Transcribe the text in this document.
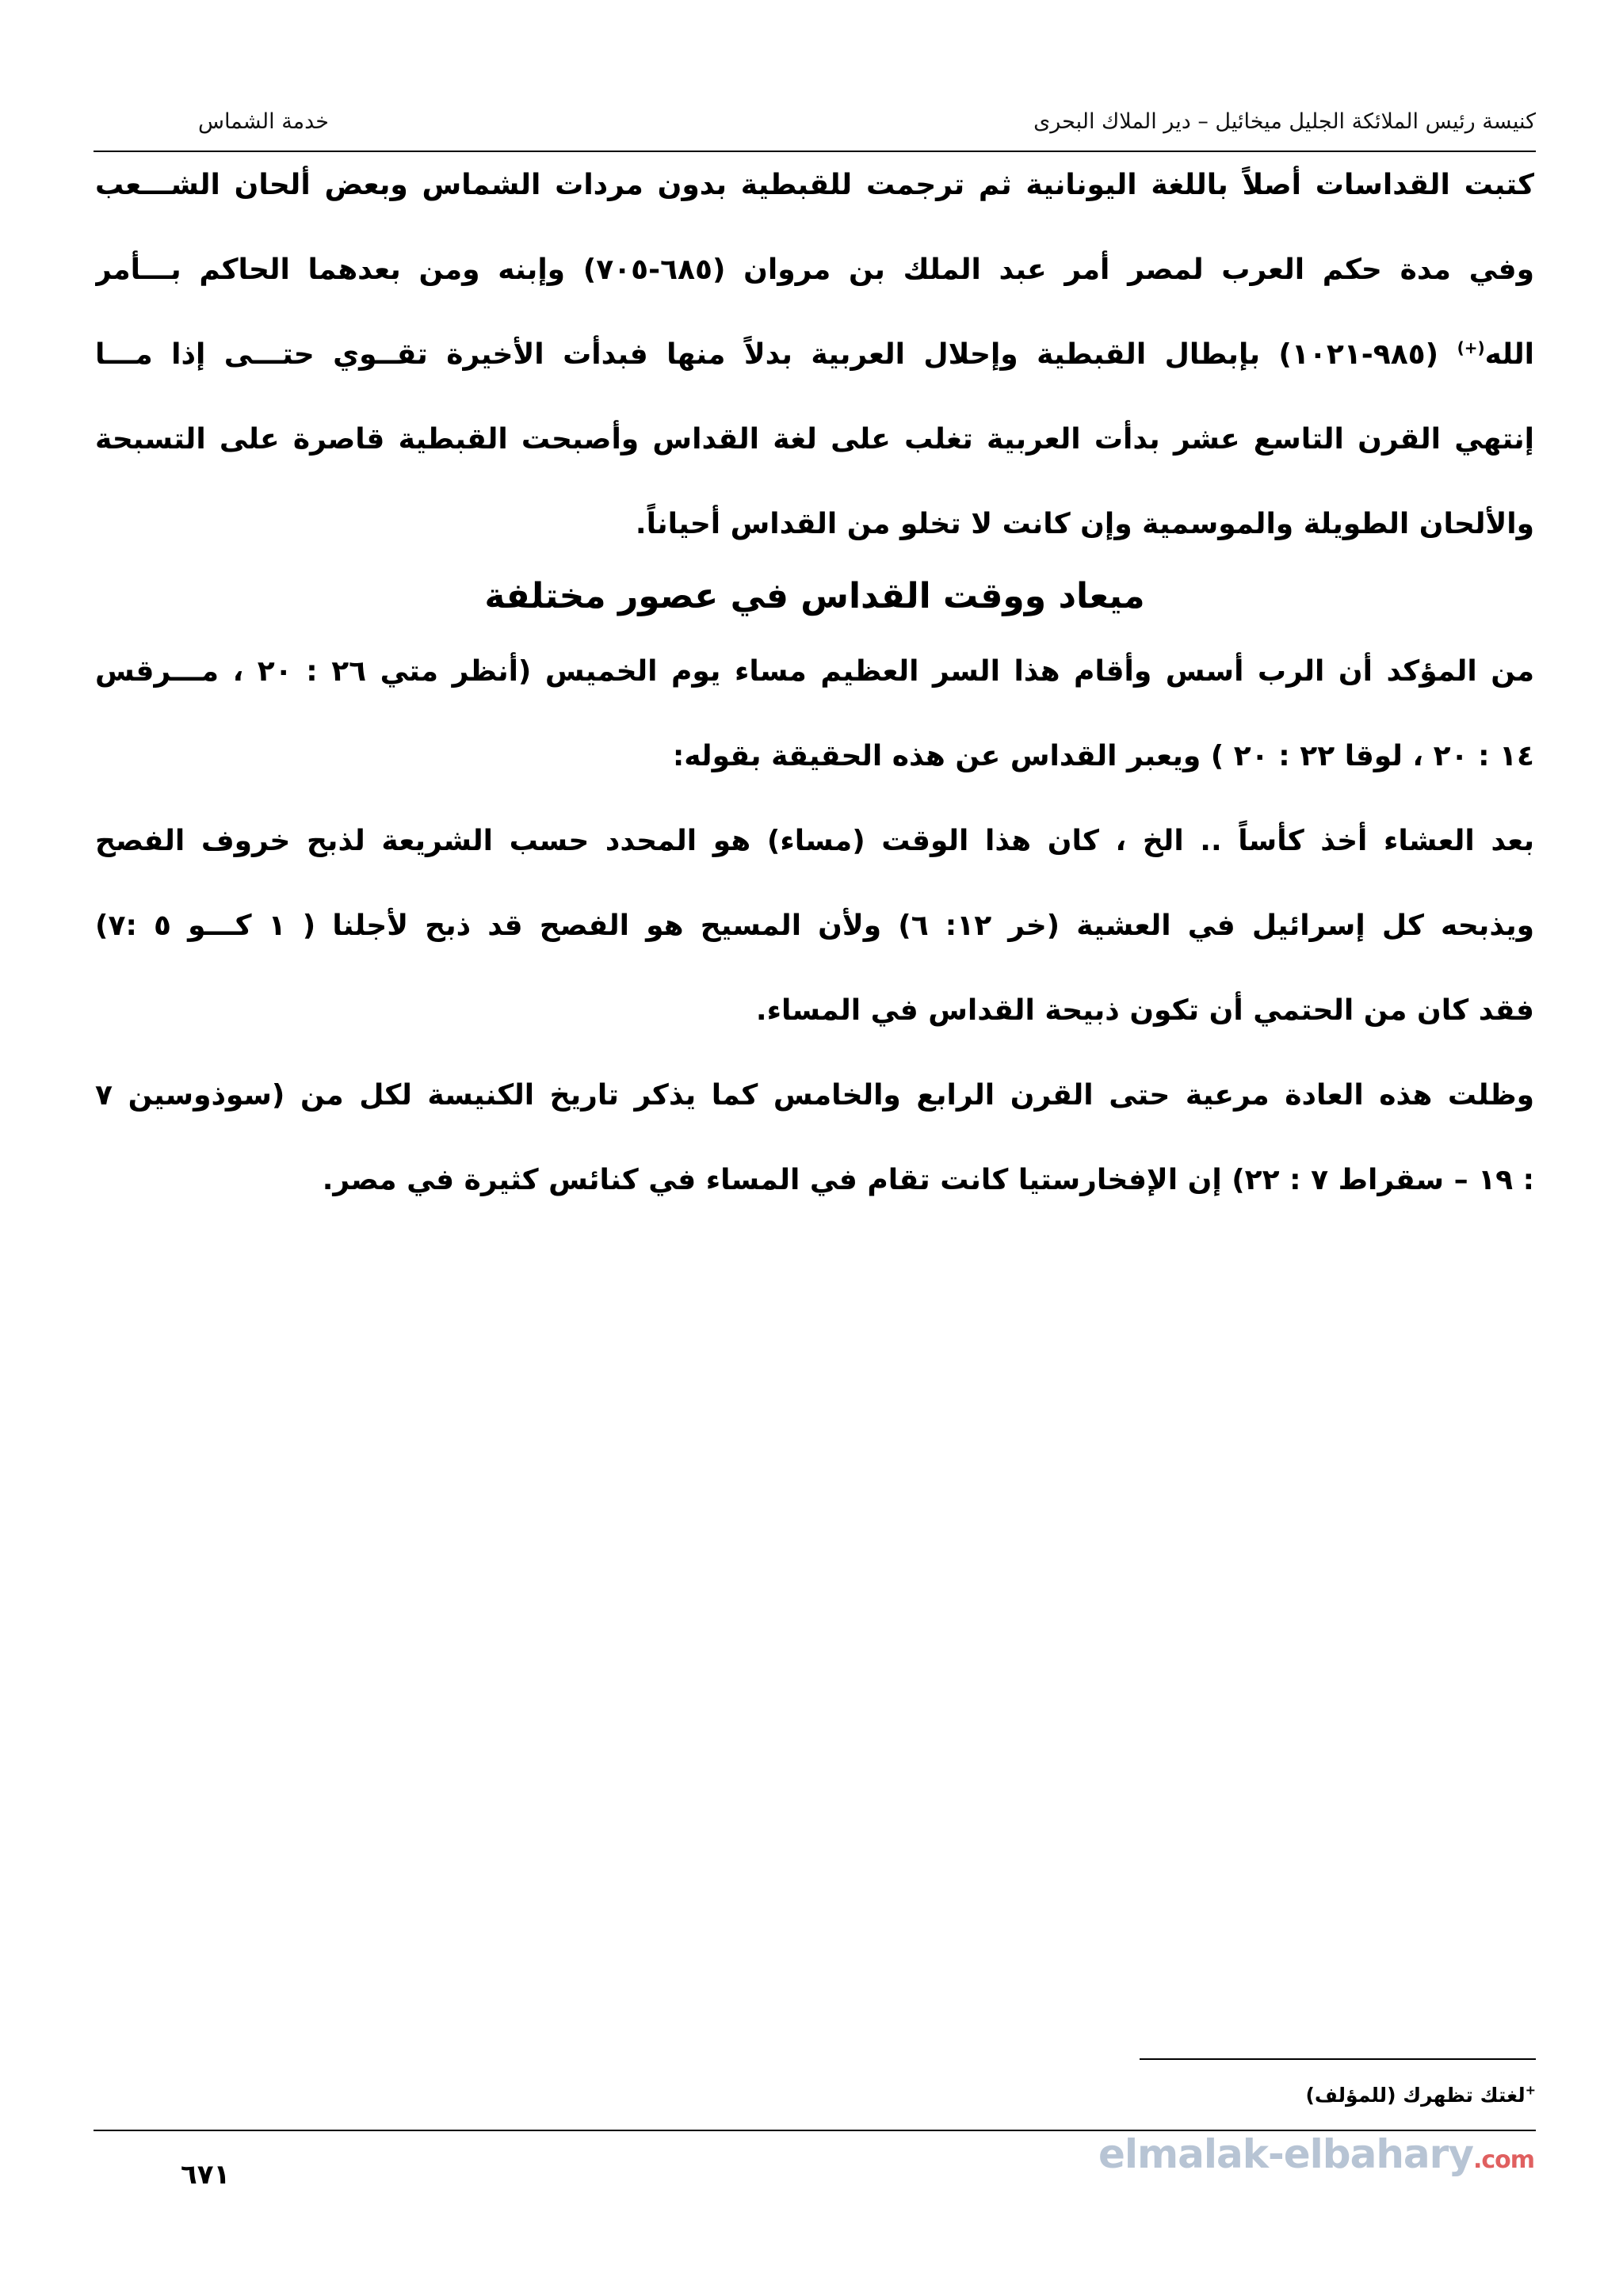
كنيسة رئيس الملائكة الجليل ميخائيل – دير الملاك البحرى
خدمة الشماس
كتبت القداسات أصلاً باللغة اليونانية ثم ترجمت للقبطية بدون مردات الشماس وبعض ألحان الشـــعب
وفي مدة حكم العرب لمصر أمر عبد الملك بن مروان (٦٨٥-٧٠٥) وإبنه ومن بعدهما الحاكم بـــأمر
الله(+) (٩٨٥-١٠٢١) بإبطال القبطية وإحلال العربية بدلاً منها فبدأت الأخيرة تقــوي حتـــى إذا مـــا
إنتهي القرن التاسع عشر بدأت العربية تغلب على لغة القداس وأصبحت القبطية قاصرة على التسبحة
والألحان الطويلة والموسمية وإن كانت لا تخلو من القداس أحياناً.
ميعاد ووقت القداس في عصور مختلفة
من المؤكد أن الرب أسس وأقام هذا السر العظيم مساء يوم الخميس (أنظر متي ٢٦ : ٢٠ ، مـــرقس
١٤ : ٢٠ ، لوقا ٢٢ : ٢٠ ) ويعبر القداس عن هذه الحقيقة بقوله:
بعد العشاء أخذ كأساً .. الخ ، كان هذا الوقت (مساء) هو المحدد حسب الشريعة لذبح خروف الفصح
ويذبحه كل إسرائيل في العشية (خر ١٢: ٦) ولأن المسيح هو الفصح قد ذبح لأجلنا ( ١ كـــو ٥ :٧)
فقد كان من الحتمي أن تكون ذبيحة القداس في المساء.
وظلت هذه العادة مرعية حتى القرن الرابع والخامس كما يذكر تاريخ الكنيسة لكل من (سوذوسين ٧
: ١٩ – سقراط ٧ : ٢٢) إن الإفخارستيا كانت تقام في المساء في كنائس كثيرة في مصر.
+لغتك تظهرك (للمؤلف)
٦٧١	elmalak-elbahary.com
